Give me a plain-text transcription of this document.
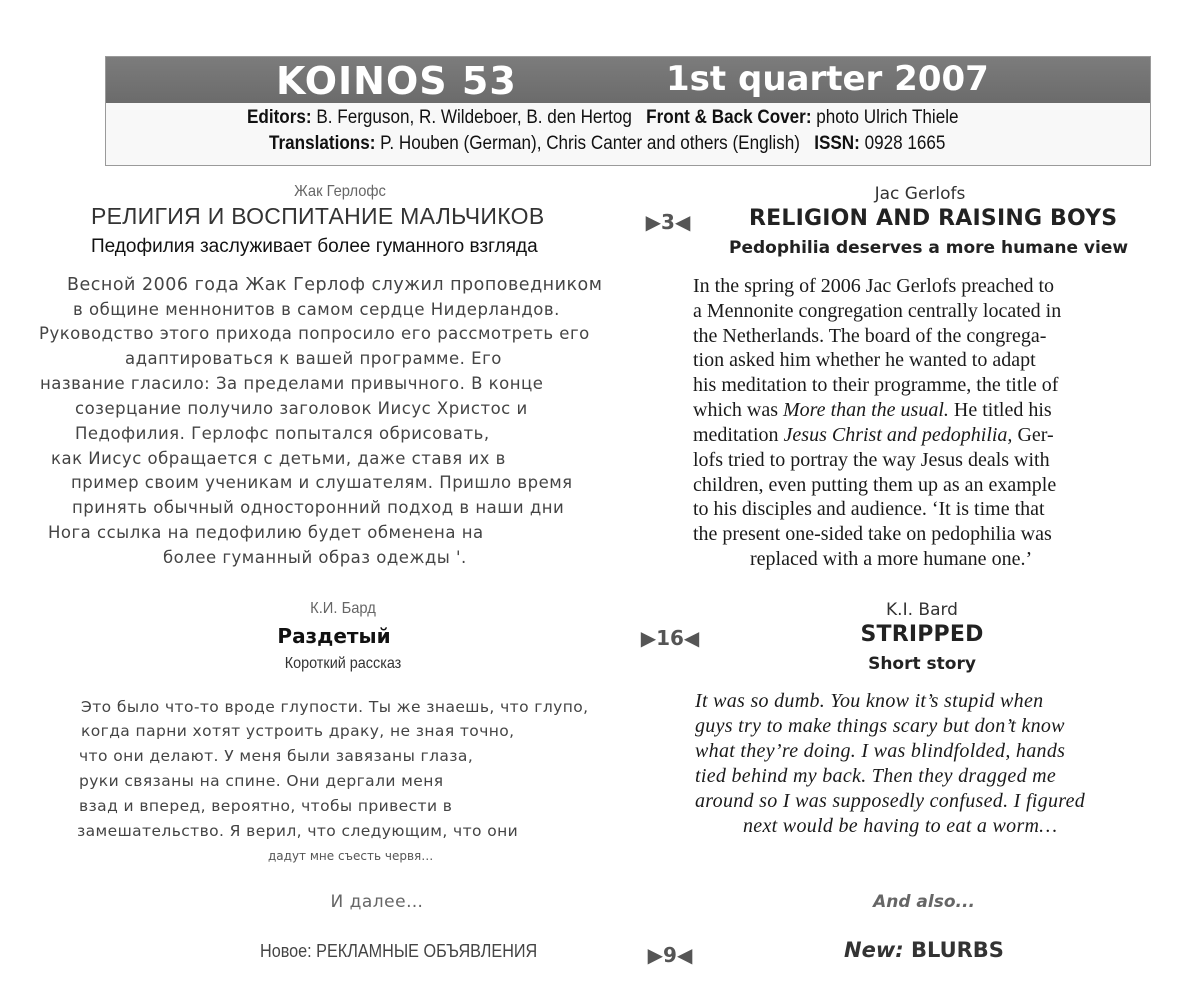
KOINOS 53	1st quarter 2007
Editors: B. Ferguson, R. Wildeboer, B. den Hertog Front & Back Cover: photo Ulrich Thiele
Translations: P. Houben (German), Chris Canter and others (English) ISSN: 0928 1665
Жак Герлофс
РЕЛИГИЯ И ВОСПИТАНИЕ МАЛЬЧИКОВ
Педофилия заслуживает более гуманного взгляда
▶3◀
Jac Gerlofs
RELIGION AND RAISING BOYS
Pedophilia deserves a more humane view
Весной 2006 года Жак Герлоф служил проповедником
в общине меннонитов в самом сердце Нидерландов.
Руководство этого прихода попросило его рассмотреть его
адаптироваться к вашей программе. Его
название гласило: За пределами привычного. В конце
созерцание получило заголовок Иисус Христос и
Педофилия. Герлофс попытался обрисовать,
как Иисус обращается с детьми, даже ставя их в
пример своим ученикам и слушателям. Пришло время
принять обычный односторонний подход в наши дни
Нога ссылка на педофилию будет обменена на
более гуманный образ одежды '.
In the spring of 2006 Jac Gerlofs preached to
a Mennonite congregation centrally located in
the Netherlands. The board of the congrega-
tion asked him whether he wanted to adapt
his meditation to their programme, the title of
which was More than the usual. He titled his
meditation Jesus Christ and pedophilia, Ger-
lofs tried to portray the way Jesus deals with
children, even putting them up as an example
to his disciples and audience. ‘It is time that
the present one-sided take on pedophilia was
replaced with a more humane one.’
К.И. Бард
Раздетый
Короткий рассказ
▶16◀
K.I. Bard
STRIPPED
Short story
Это было что-то вроде глупости. Ты же знаешь, что глупо,
когда парни хотят устроить драку, не зная точно,
что они делают. У меня были завязаны глаза,
руки связаны на спине. Они дергали меня
взад и вперед, вероятно, чтобы привести в
замешательство. Я верил, что следующим, что они
дадут мне съесть червя…
It was so dumb. You know it’s stupid when
guys try to make things scary but don’t know
what they’re doing. I was blindfolded, hands
tied behind my back. Then they dragged me
around so I was supposedly confused. I figured
next would be having to eat a worm…
И далее…	And also...
Новое: РЕКЛАМНЫЕ ОБЪЯВЛЕНИЯ	▶9◀	New: BLURBS
